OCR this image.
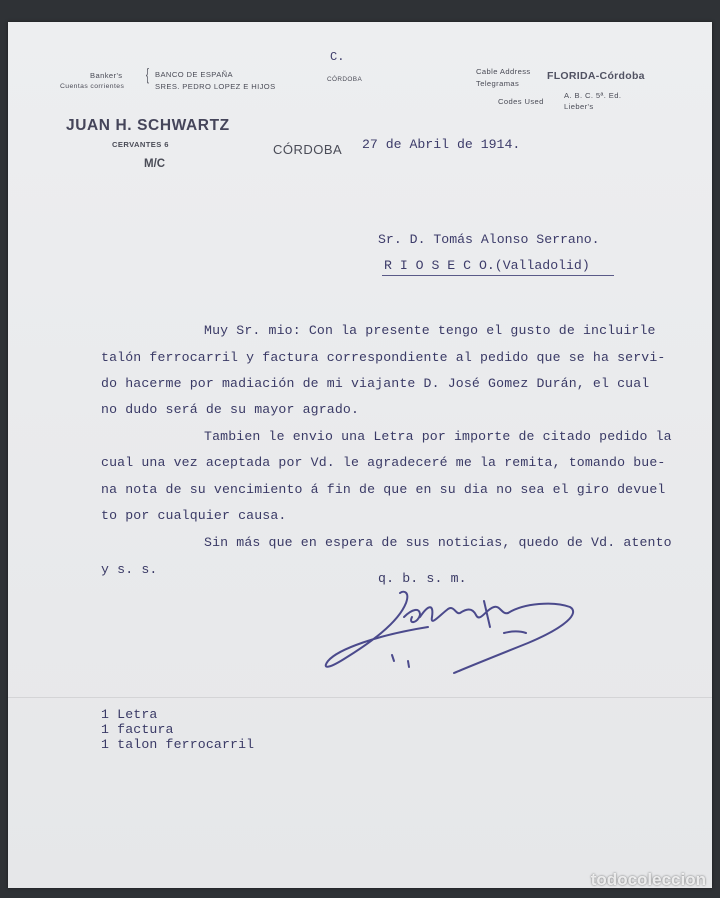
C.
Banker's
Cuentas corrientes
{ BANCO DE ESPAÑA
SRES. PEDRO LOPEZ E HIJOS
CÓRDOBA
Cable Address
Telegramas
FLORIDA-Córdoba
Codes Used
A. B. C. 5ª. Ed.
Lieber's
JUAN H. SCHWARTZ
CERVANTES 6
M/C
CÓRDOBA 27 de Abril de 1914.
Sr. D. Tomás Alonso Serrano.
R I O S E C O.(Valladolid)
Muy Sr. mio: Con la presente tengo el gusto de incluirle
talón ferrocarril y factura correspondiente al pedido que se ha servi-
do hacerme por madiación de mi viajante D. José Gomez Durán, el cual
no dudo será de su mayor agrado.
Tambien le envio una Letra por importe de citado pedido la
cual una vez aceptada por Vd. le agradeceré me la remita, tomando bue-
na nota de su vencimiento á fin de que en su dia no sea el giro devuel
to por cualquier causa.
Sin más que en espera de sus noticias, quedo de Vd. atento
y s. s.
q. b. s. m.
1 Letra
1 factura
1 talon ferrocarril
todocoleccion
